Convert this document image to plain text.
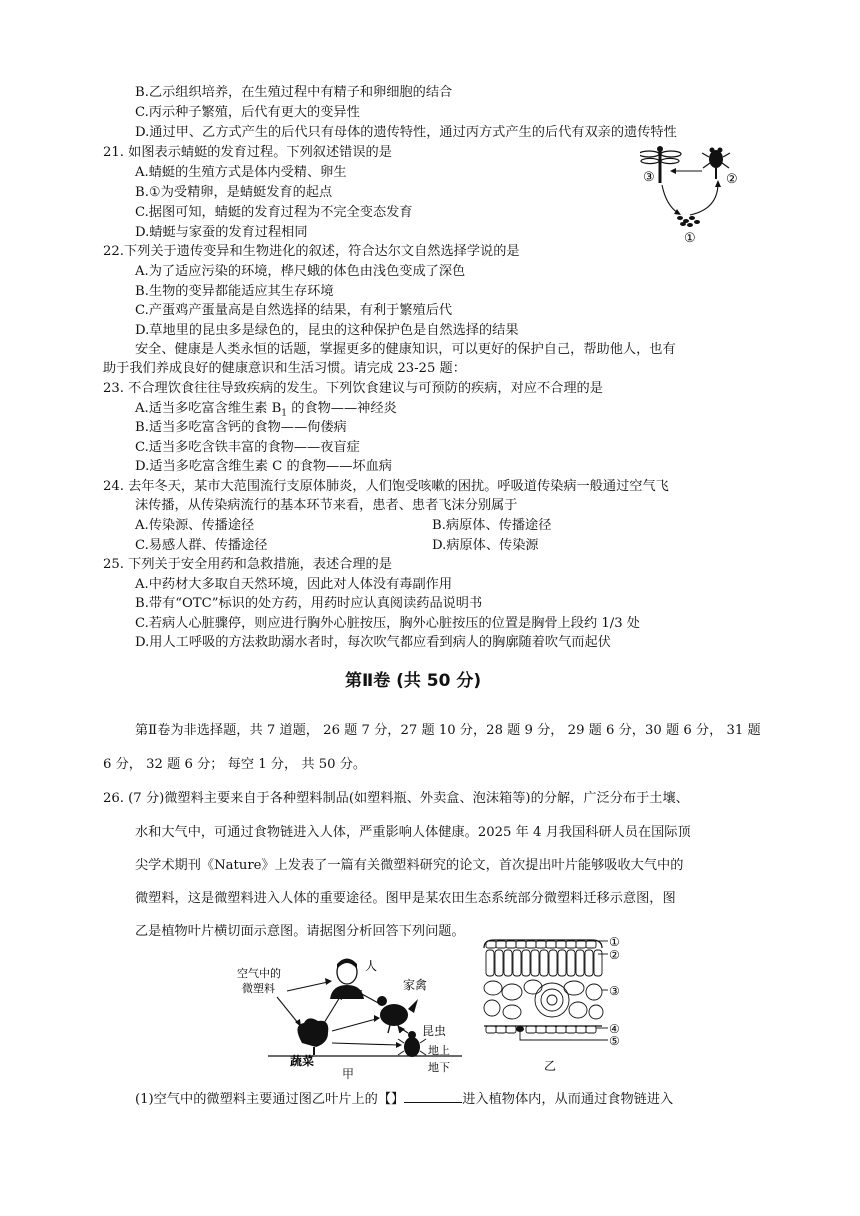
B.乙示组织培养，在生殖过程中有精子和卵细胞的结合
C.丙示种子繁殖，后代有更大的变异性
D.通过甲、乙方式产生的后代只有母体的遗传特性，通过丙方式产生的后代有双亲的遗传特性
21. 如图表示蜻蜓的发育过程。下列叙述错误的是
A.蜻蜓的生殖方式是体内受精、卵生
B.①为受精卵，是蜻蜓发育的起点
C.据图可知，蜻蜓的发育过程为不完全变态发育
D.蜻蜓与家蚕的发育过程相同
③	②
①
22.下列关于遗传变异和生物进化的叙述，符合达尔文自然选择学说的是
A.为了适应污染的环境，桦尺蛾的体色由浅色变成了深色
B.生物的变异都能适应其生存环境
C.产蛋鸡产蛋量高是自然选择的结果，有利于繁殖后代
D.草地里的昆虫多是绿色的，昆虫的这种保护色是自然选择的结果
安全、健康是人类永恒的话题，掌握更多的健康知识，可以更好的保护自己，帮助他人，也有
助于我们养成良好的健康意识和生活习惯。请完成 23-25 题：
23. 不合理饮食往往导致疾病的发生。下列饮食建议与可预防的疾病，对应不合理的是
A.适当多吃富含维生素 $B_1$ 的食物——神经炎
B.适当多吃富含钙的食物——佝偻病
C.适当多吃含铁丰富的食物——夜盲症
D.适当多吃富含维生素 C 的食物——坏血病
24. 去年冬天，某市大范围流行支原体肺炎，人们饱受咳嗽的困扰。呼吸道传染病一般通过空气飞
沫传播，从传染病流行的基本环节来看，患者、患者飞沫分别属于
A.传染源、传播途径	B.病原体、传播途径
C.易感人群、传播途径	D.病原体、传染源
25. 下列关于安全用药和急救措施，表述合理的是
A.中药材大多取自天然环境，因此对人体没有毒副作用
B.带有“OTC”标识的处方药，用药时应认真阅读药品说明书
C.若病人心脏骤停，则应进行胸外心脏按压，胸外心脏按压的位置是胸骨上段约 1/3 处
D.用人工呼吸的方法救助溺水者时，每次吹气都应看到病人的胸廓随着吹气而起伏
第Ⅱ卷 (共 50 分)
第Ⅱ卷为非选择题，共 7 道题， 26 题 7 分，27 题 10 分，28 题 9 分， 29 题 6 分，30 题 6 分， 31 题
6 分， 32 题 6 分； 每空 1 分， 共 50 分。
26. (7 分)微塑料主要来自于各种塑料制品(如塑料瓶、外卖盒、泡沫箱等)的分解，广泛分布于土壤、
水和大气中，可通过食物链进入人体，严重影响人体健康。2025 年 4 月我国科研人员在国际顶
尖学术期刊《Nature》上发表了一篇有关微塑料研究的论文，首次提出叶片能够吸收大气中的
微塑料，这是微塑料进入人体的重要途径。图甲是某农田生态系统部分微塑料迁移示意图，图
乙是植物叶片横切面示意图。请据图分析回答下列问题。
人
家禽
空气中的
微塑料
蔬菜
昆虫
地上
地下
甲
①
②
③
④
⑤
乙
(1)空气中的微塑料主要通过图乙叶片上的【】	进入植物体内，从而通过食物链进入
